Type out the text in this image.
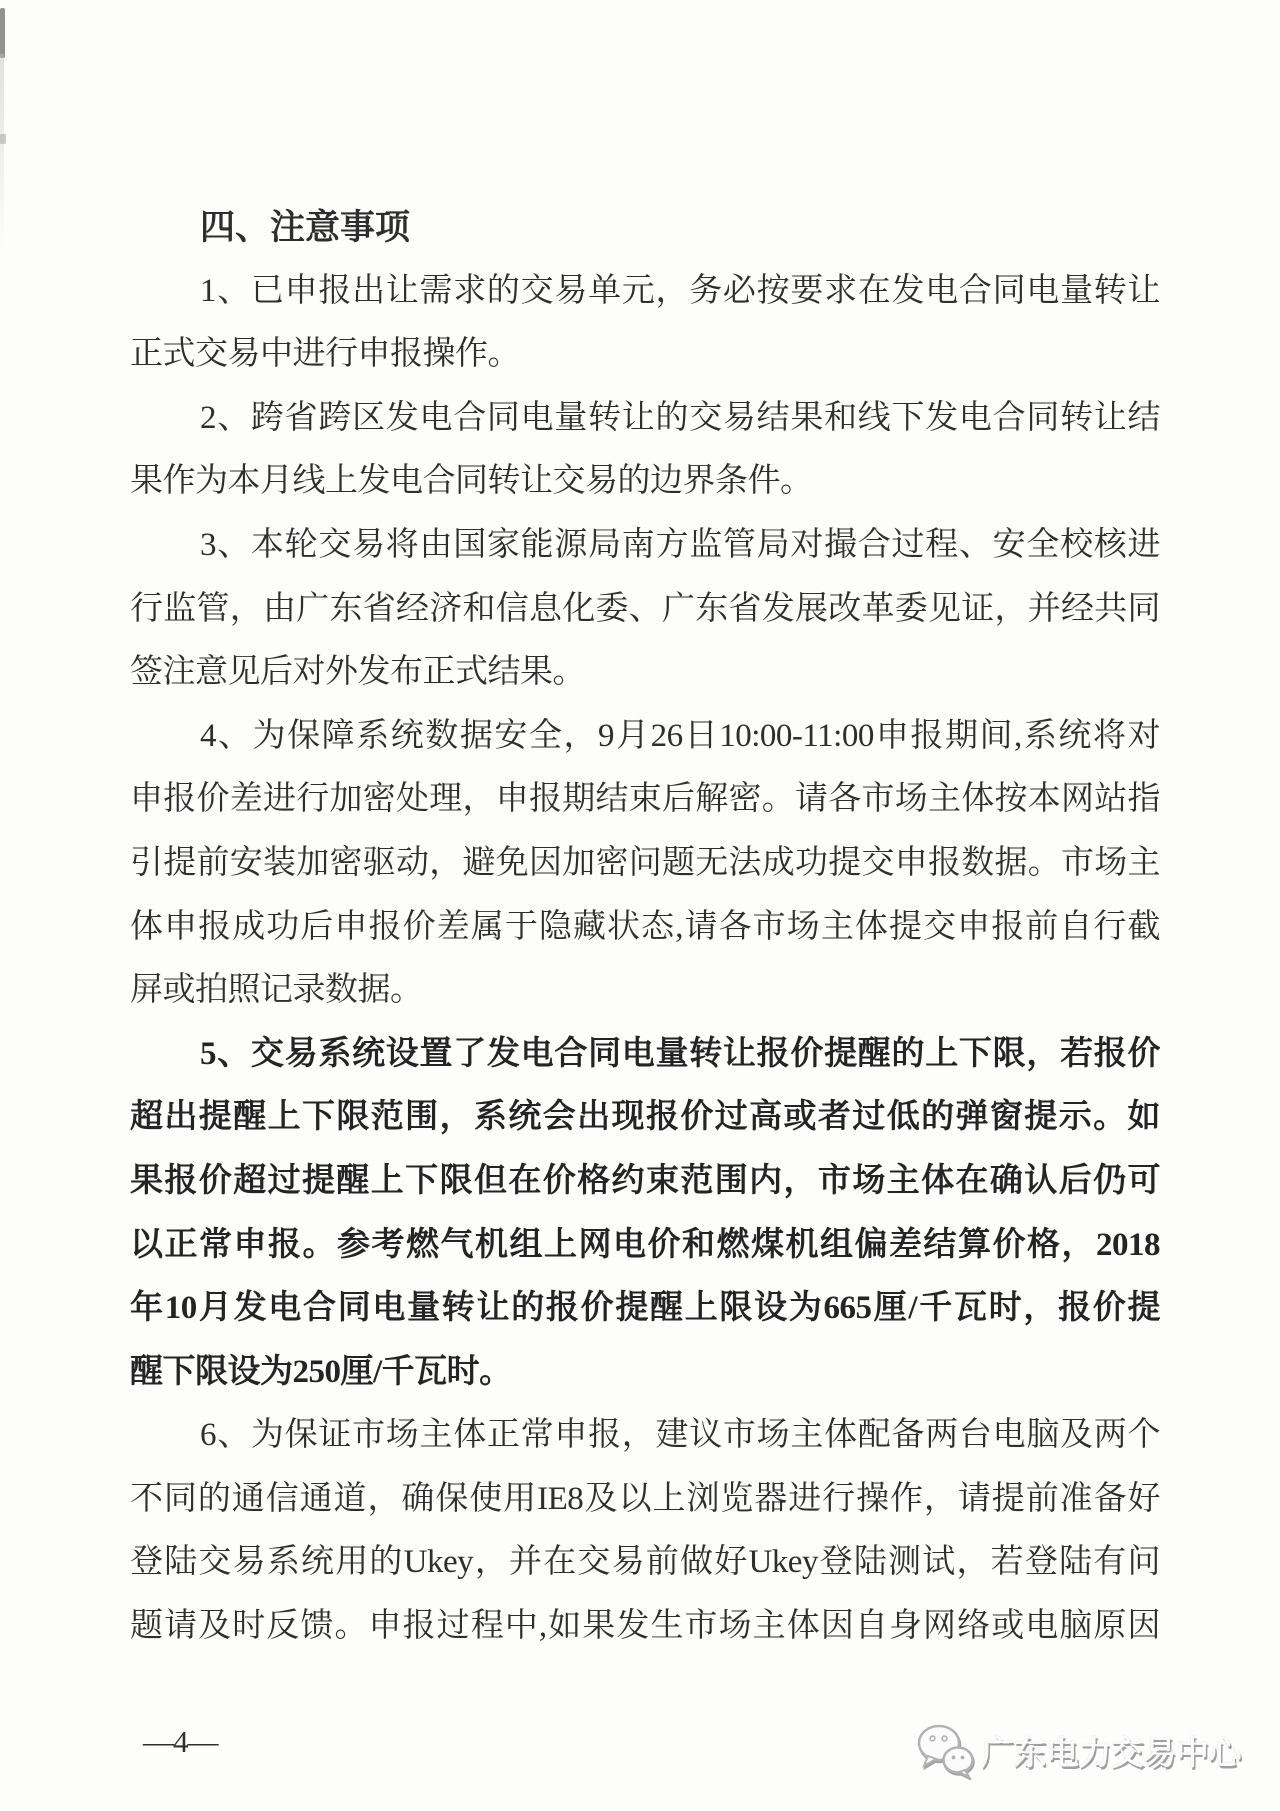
四、注意事项
1、已申报出让需求的交易单元，务必按要求在发电合同电量转让
正式交易中进行申报操作。
2、跨省跨区发电合同电量转让的交易结果和线下发电合同转让结
果作为本月线上发电合同转让交易的边界条件。
3、本轮交易将由国家能源局南方监管局对撮合过程、安全校核进
行监管，由广东省经济和信息化委、广东省发展改革委见证，并经共同
签注意见后对外发布正式结果。
4、为保障系统数据安全，9月26日10:00-11:00申报期间,系统将对
申报价差进行加密处理，申报期结束后解密。请各市场主体按本网站指
引提前安装加密驱动，避免因加密问题无法成功提交申报数据。市场主
体申报成功后申报价差属于隐藏状态,请各市场主体提交申报前自行截
屏或拍照记录数据。
5、交易系统设置了发电合同电量转让报价提醒的上下限，若报价
超出提醒上下限范围，系统会出现报价过高或者过低的弹窗提示。如
果报价超过提醒上下限但在价格约束范围内，市场主体在确认后仍可
以正常申报。参考燃气机组上网电价和燃煤机组偏差结算价格，2018
年10月发电合同电量转让的报价提醒上限设为665厘/千瓦时，报价提
醒下限设为250厘/千瓦时。
6、为保证市场主体正常申报，建议市场主体配备两台电脑及两个
不同的通信通道，确保使用IE8及以上浏览器进行操作，请提前准备好
登陆交易系统用的Ukey，并在交易前做好Ukey登陆测试，若登陆有问
题请及时反馈。申报过程中,如果发生市场主体因自身网络或电脑原因
—4—	广东电力交易中心
